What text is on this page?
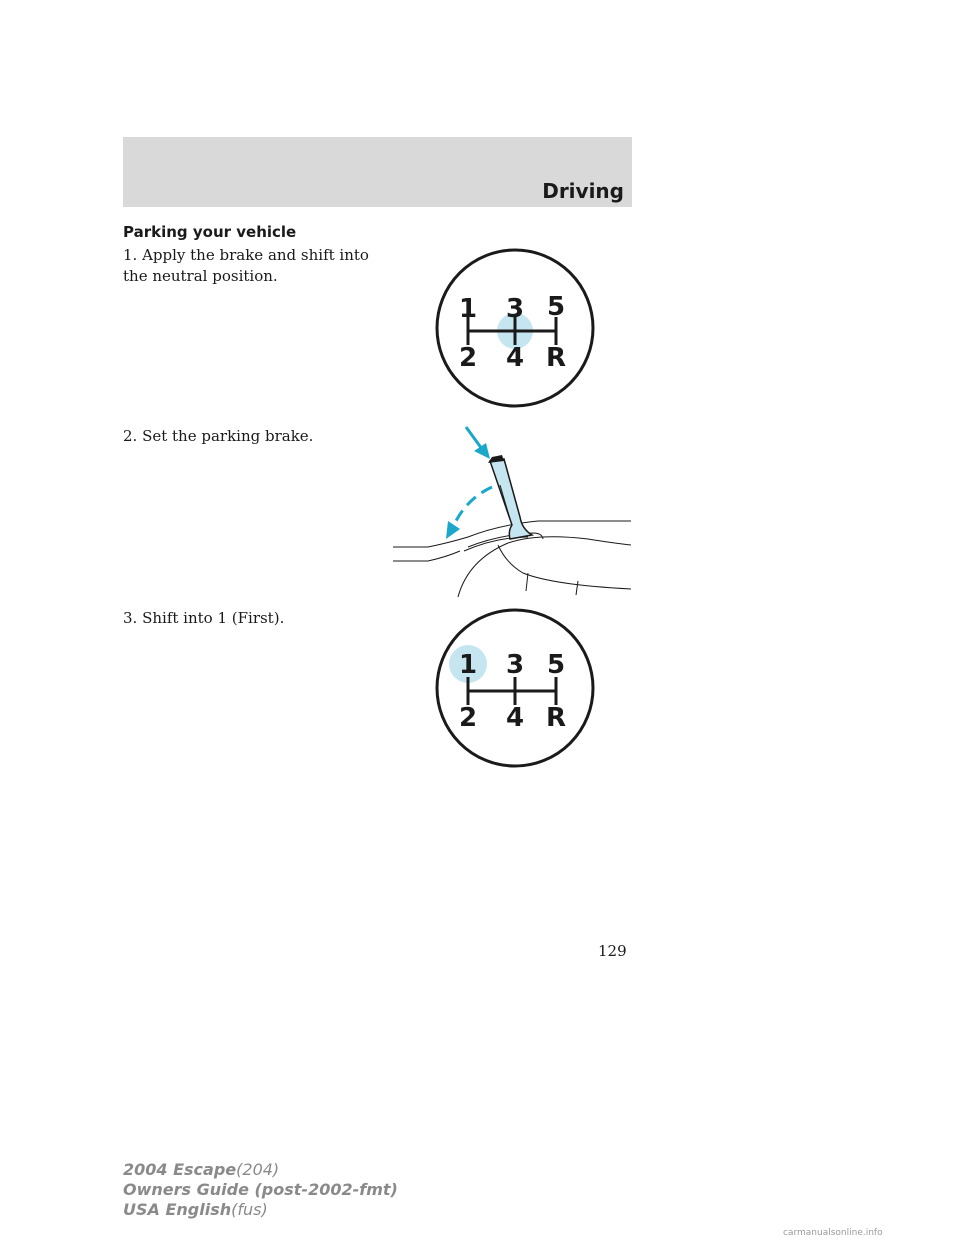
Driving
Parking your vehicle
1. Apply the brake and shift into the neutral position.
2. Set the parking brake.
3. Shift into 1 (First).
1 3 5
2 4 R
1 3 5
2 4 R
129
2004 Escape(204)
Owners Guide (post-2002-fmt)
USA English(fus)
carmanualsonline.info
